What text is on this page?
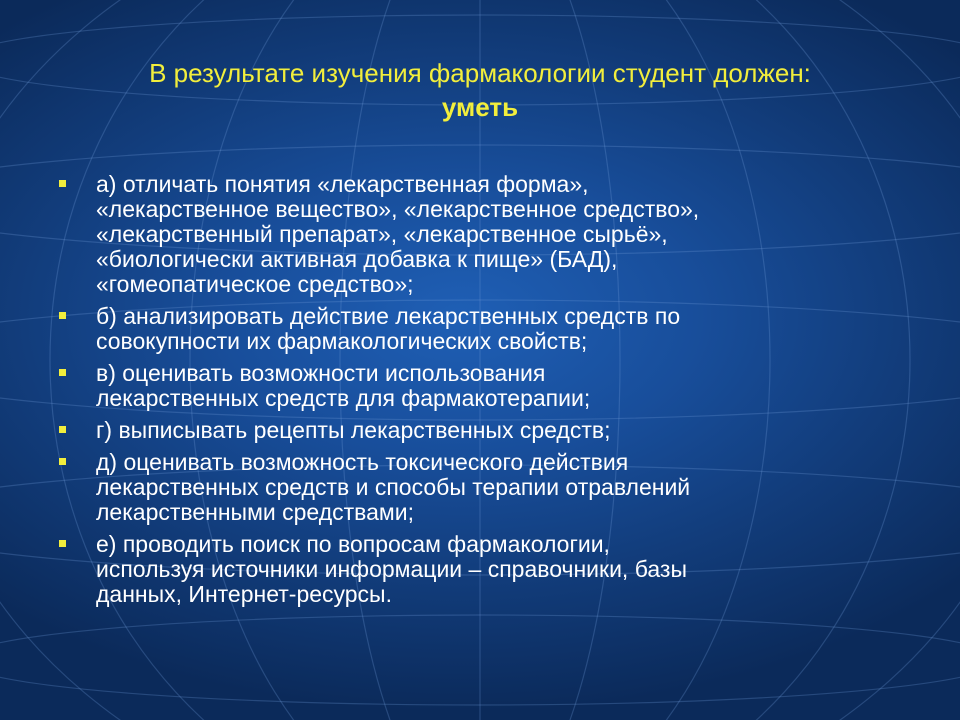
В результате изучения фармакологии студент должен:
уметь
а) отличать понятия «лекарственная форма»,
«лекарственное вещество», «лекарственное средство»,
«лекарственный препарат», «лекарственное сырьё»,
«биологически активная добавка к пище» (БАД),
«гомеопатическое средство»;
б) анализировать действие лекарственных средств по
совокупности их фармакологических свойств;
в) оценивать возможности использования
лекарственных средств для фармакотерапии;
г) выписывать рецепты лекарственных средств;
д) оценивать возможность токсического действия
лекарственных средств и способы терапии отравлений
лекарственными средствами;
е) проводить поиск по вопросам фармакологии,
используя источники информации – справочники, базы
данных, Интернет-ресурсы.
